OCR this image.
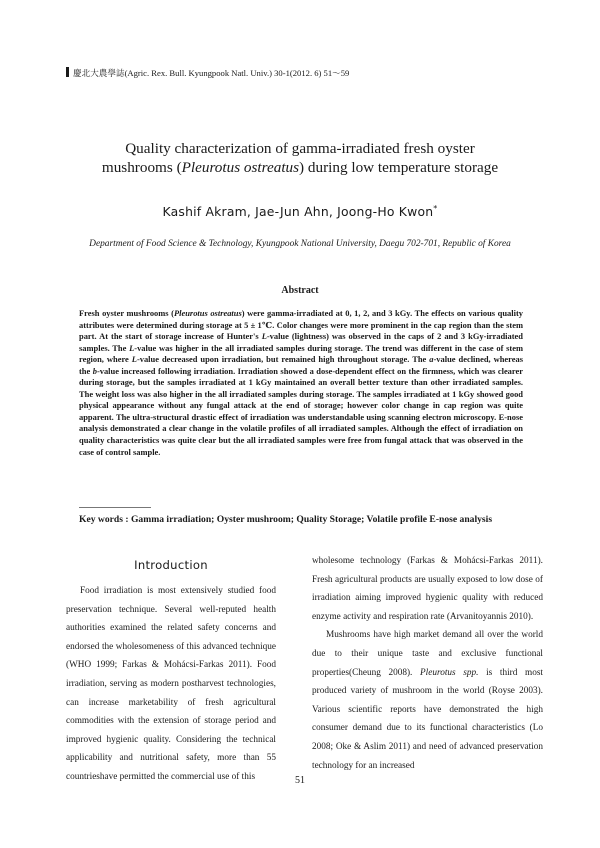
慶北大農學誌(Agric. Rex. Bull. Kyungpook Natl. Univ.) 30-1(2012. 6) 51～59
Quality characterization of gamma-irradiated fresh oyster
mushrooms (Pleurotus ostreatus) during low temperature storage
Kashif Akram, Jae-Jun Ahn, Joong-Ho Kwon*
Department of Food Science & Technology, Kyungpook National University, Daegu 702-701, Republic of Korea
Abstract

Fresh oyster mushrooms (Pleurotus ostreatus) were gamma-irradiated at 0, 1, 2, and 3 kGy. The effects on various quality attributes were determined during storage at 5 ± 1℃. Color changes were more prominent in the cap region than the stem part. At the start of storage increase of Hunter's L-value (lightness) was observed in the caps of 2 and 3 kGy-irradiated samples. The L-value was higher in the all irradiated samples during storage. The trend was different in the case of stem region, where L-value decreased upon irradiation, but remained high throughout storage. The a-value declined, whereas the b-value increased following irradiation. Irradiation showed a dose-dependent effect on the firmness, which was clearer during storage, but the samples irradiated at 1 kGy maintained an overall better texture than other irradiated samples. The weight loss was also higher in the all irradiated samples during storage. The samples irradiated at 1 kGy showed good physical appearance without any fungal attack at the end of storage; however color change in cap region was quite apparent. The ultra-structural drastic effect of irradiation was understandable using scanning electron microscopy. E-nose analysis demonstrated a clear change in the volatile profiles of all irradiated samples. Although the effect of irradiation on quality characteristics was quite clear but the all irradiated samples were free from fungal attack that was observed in the case of control sample.

Key words : Gamma irradiation; Oyster mushroom; Quality Storage; Volatile profile E-nose analysis
Introduction

Food irradiation is most extensively studied food preservation technique. Several well-reputed health authorities examined the related safety concerns and endorsed the wholesomeness of this advanced technique (WHO 1999; Farkas & Mohácsi-Farkas 2011). Food irradiation, serving as modern postharvest technologies, can increase marketability of fresh agricultural commodities with the extension of storage period and improved hygienic quality. Considering the technical applicability and nutritional safety, more than 55 countrieshave permitted the commercial use of this

wholesome technology (Farkas & Mohácsi-Farkas 2011). Fresh agricultural products are usually exposed to low dose of irradiation aiming improved hygienic quality with reduced enzyme activity and respiration rate (Arvanitoyannis 2010).

Mushrooms have high market demand all over the world due to their unique taste and exclusive functional properties(Cheung 2008). Pleurotus spp. is third most produced variety of mushroom in the world (Royse 2003). Various scientific reports have demonstrated the high consumer demand due to its functional characteristics (Lo 2008; Oke & Aslim 2011) and need of advanced preservation technology for an increased

51
